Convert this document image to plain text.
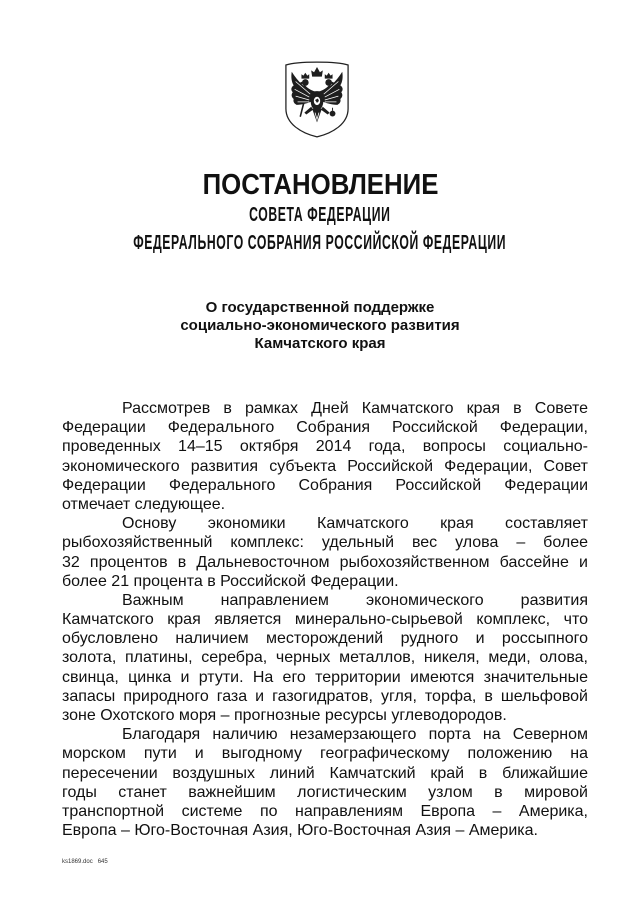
ПОСТАНОВЛЕНИЕ
СОВЕТА ФЕДЕРАЦИИ
ФЕДЕРАЛЬНОГО СОБРАНИЯ РОССИЙСКОЙ ФЕДЕРАЦИИ
О государственной поддержке
социально-экономического развития
Камчатского края
Рассмотрев в рамках Дней Камчатского края в Совете
Федерации Федерального Собрания Российской Федерации,
проведенных 14–15 октября 2014 года, вопросы социально-
экономического развития субъекта Российской Федерации, Совет
Федерации Федерального Собрания Российской Федерации
отмечает следующее.
Основу экономики Камчатского края составляет
рыбохозяйственный комплекс: удельный вес улова – более
32 процентов в Дальневосточном рыбохозяйственном бассейне и
более 21 процента в Российской Федерации.
Важным направлением экономического развития
Камчатского края является минерально-сырьевой комплекс, что
обусловлено наличием месторождений рудного и россыпного
золота, платины, серебра, черных металлов, никеля, меди, олова,
свинца, цинка и ртути. На его территории имеются значительные
запасы природного газа и газогидратов, угля, торфа, в шельфовой
зоне Охотского моря – прогнозные ресурсы углеводородов.
Благодаря наличию незамерзающего порта на Северном
морском пути и выгодному географическому положению на
пересечении воздушных линий Камчатский край в ближайшие
годы станет важнейшим логистическим узлом в мировой
транспортной системе по направлениям Европа – Америка,
Европа – Юго-Восточная Азия, Юго-Восточная Азия – Америка.
ks1869.doc 645
